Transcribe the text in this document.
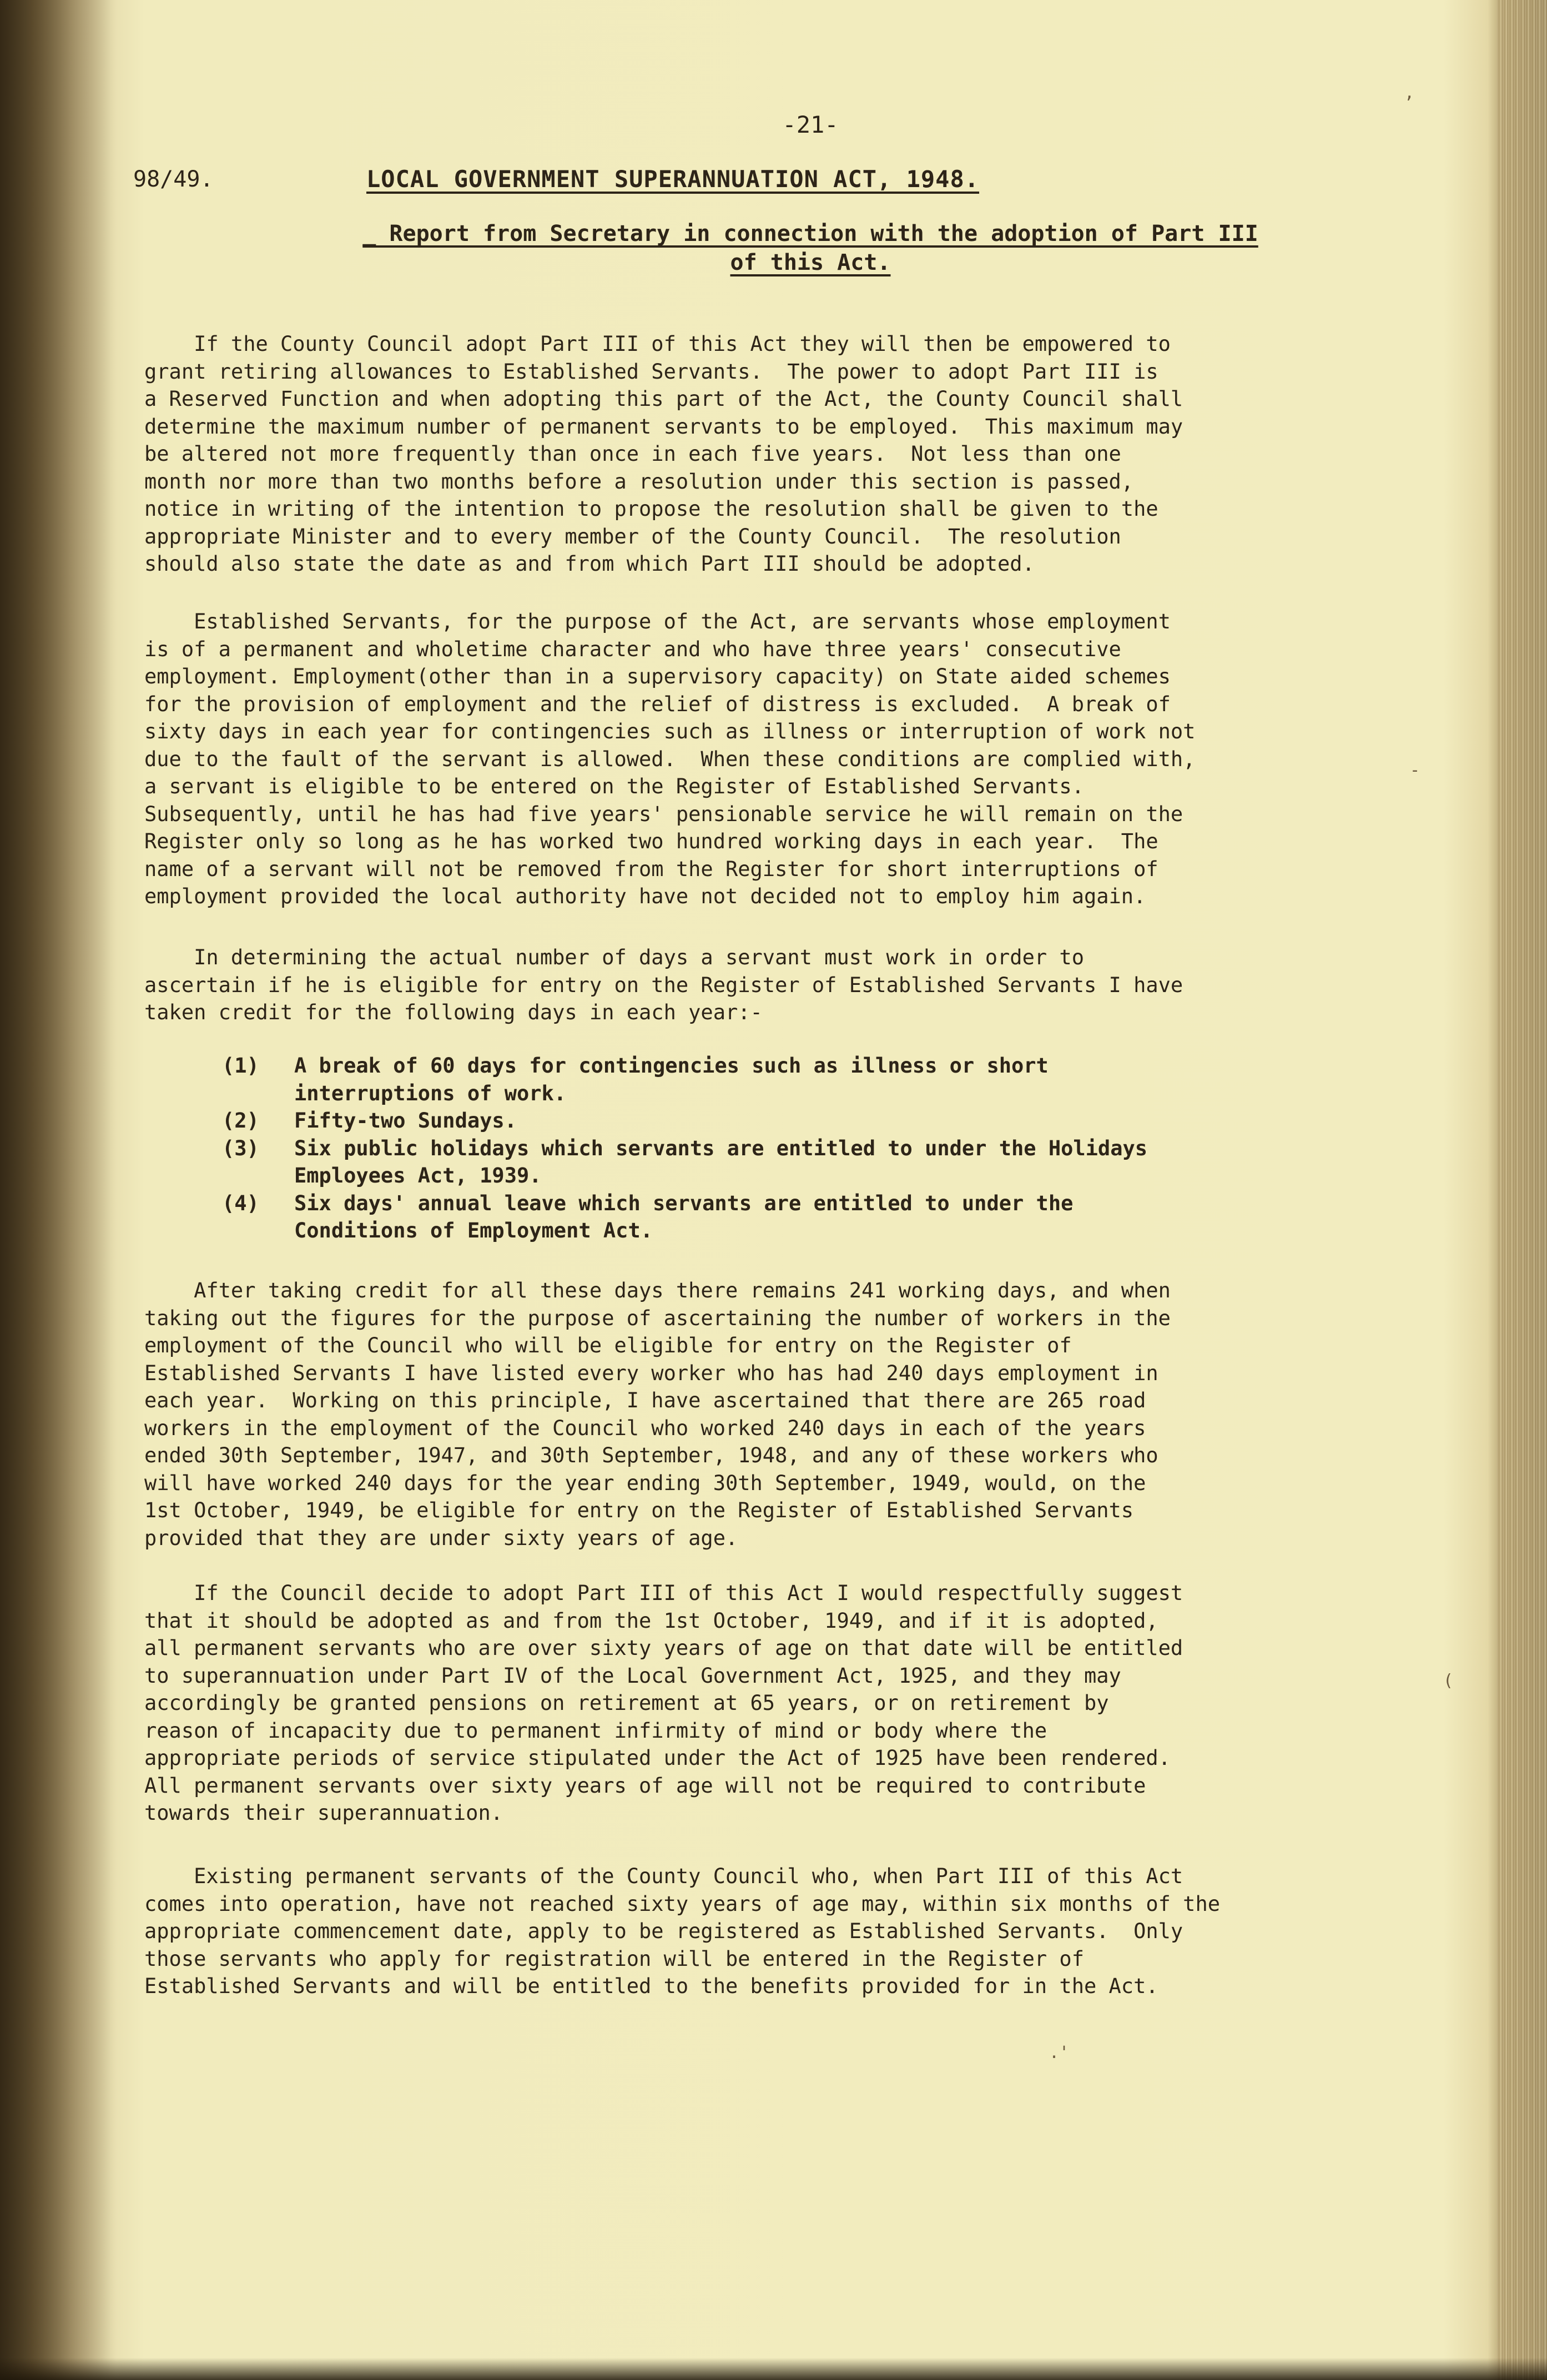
-21-
98/49.	LOCAL GOVERNMENT SUPERANNUATION ACT, 1948.
_ Report from Secretary in connection with the adoption of Part III
of this Act.
If the County Council adopt Part III of this Act they will then be empowered to
grant retiring allowances to Established Servants.  The power to adopt Part III is
a Reserved Function and when adopting this part of the Act, the County Council shall
determine the maximum number of permanent servants to be employed.  This maximum may
be altered not more frequently than once in each five years.  Not less than one
month nor more than two months before a resolution under this section is passed,
notice in writing of the intention to propose the resolution shall be given to the
appropriate Minister and to every member of the County Council.  The resolution
should also state the date as and from which Part III should be adopted.
Established Servants, for the purpose of the Act, are servants whose employment
is of a permanent and wholetime character and who have three years' consecutive
employment. Employment(other than in a supervisory capacity) on State aided schemes
for the provision of employment and the relief of distress is excluded.  A break of
sixty days in each year for contingencies such as illness or interruption of work not
due to the fault of the servant is allowed.  When these conditions are complied with,
a servant is eligible to be entered on the Register of Established Servants.
Subsequently, until he has had five years' pensionable service he will remain on the
Register only so long as he has worked two hundred working days in each year.  The
name of a servant will not be removed from the Register for short interruptions of
employment provided the local authority have not decided not to employ him again.
In determining the actual number of days a servant must work in order to
ascertain if he is eligible for entry on the Register of Established Servants I have
taken credit for the following days in each year:-
(1)	A break of 60 days for contingencies such as illness or short
interruptions of work.
(2)	Fifty-two Sundays.
(3)	Six public holidays which servants are entitled to under the Holidays
Employees Act, 1939.
(4)	Six days' annual leave which servants are entitled to under the
Conditions of Employment Act.
After taking credit for all these days there remains 241 working days, and when
taking out the figures for the purpose of ascertaining the number of workers in the
employment of the Council who will be eligible for entry on the Register of
Established Servants I have listed every worker who has had 240 days employment in
each year.  Working on this principle, I have ascertained that there are 265 road
workers in the employment of the Council who worked 240 days in each of the years
ended 30th September, 1947, and 30th September, 1948, and any of these workers who
will have worked 240 days for the year ending 30th September, 1949, would, on the
1st October, 1949, be eligible for entry on the Register of Established Servants
provided that they are under sixty years of age.
If the Council decide to adopt Part III of this Act I would respectfully suggest
that it should be adopted as and from the 1st October, 1949, and if it is adopted,
all permanent servants who are over sixty years of age on that date will be entitled
to superannuation under Part IV of the Local Government Act, 1925, and they may
accordingly be granted pensions on retirement at 65 years, or on retirement by
reason of incapacity due to permanent infirmity of mind or body where the
appropriate periods of service stipulated under the Act of 1925 have been rendered.
All permanent servants over sixty years of age will not be required to contribute
towards their superannuation.
Existing permanent servants of the County Council who, when Part III of this Act
comes into operation, have not reached sixty years of age may, within six months of the
appropriate commencement date, apply to be registered as Established Servants.  Only
those servants who apply for registration will be entered in the Register of
Established Servants and will be entitled to the benefits provided for in the Act.
,
-
(
.'
